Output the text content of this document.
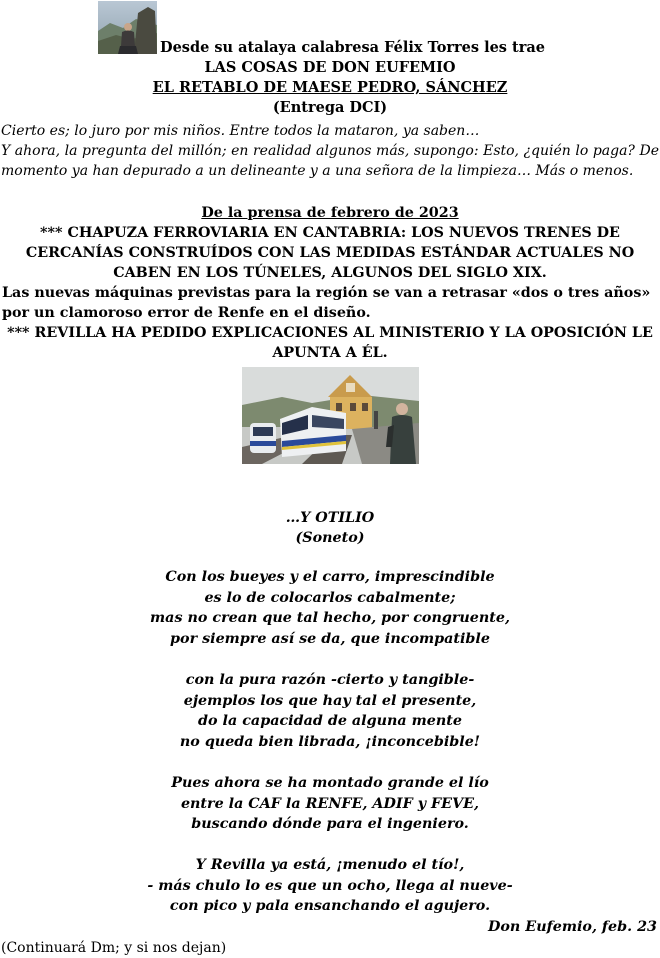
Desde su atalaya calabresa Félix Torres les trae
LAS COSAS DE DON EUFEMIO
EL RETABLO DE MAESE PEDRO, SÁNCHEZ
(Entrega DCI)

Cierto es; lo juro por mis niños. Entre todos la mataron, ya saben…

Y ahora, la pregunta del millón; en realidad algunos más, supongo: Esto, ¿quién lo paga? De momento ya han depurado a un delineante y a una señora de la limpieza… Más o menos.

De la prensa de febrero de 2023
*** CHAPUZA FERROVIARIA EN CANTABRIA: LOS NUEVOS TRENES DE CERCANÍAS CONSTRUÍDOS CON LAS MEDIDAS ESTÁNDAR ACTUALES NO CABEN EN LOS TÚNELES, ALGUNOS DEL SIGLO XIX.
Las nuevas máquinas previstas para la región se van a retrasar «dos o tres años» por un clamoroso error de Renfe en el diseño.
*** REVILLA HA PEDIDO EXPLICACIONES AL MINISTERIO Y LA OPOSICIÓN LE APUNTA A ÉL.
…Y OTILIO
(Soneto)
Con los bueyes y el carro, imprescindible
es lo de colocarlos cabalmente;
mas no crean que tal hecho, por congruente,
por siempre así se da, que incompatible
con la pura razón -cierto y tangible-
ejemplos los que hay tal el presente,
do la capacidad de alguna mente
no queda bien librada, ¡inconcebible!
Pues ahora se ha montado grande el lío
entre la CAF la RENFE, ADIF y FEVE,
buscando dónde para el ingeniero.
Y Revilla ya está, ¡menudo el tío!,
- más chulo lo es que un ocho, llega al nueve-
con pico y pala ensanchando el agujero.
Don Eufemio, feb. 23
(Continuará Dm; y si nos dejan)
